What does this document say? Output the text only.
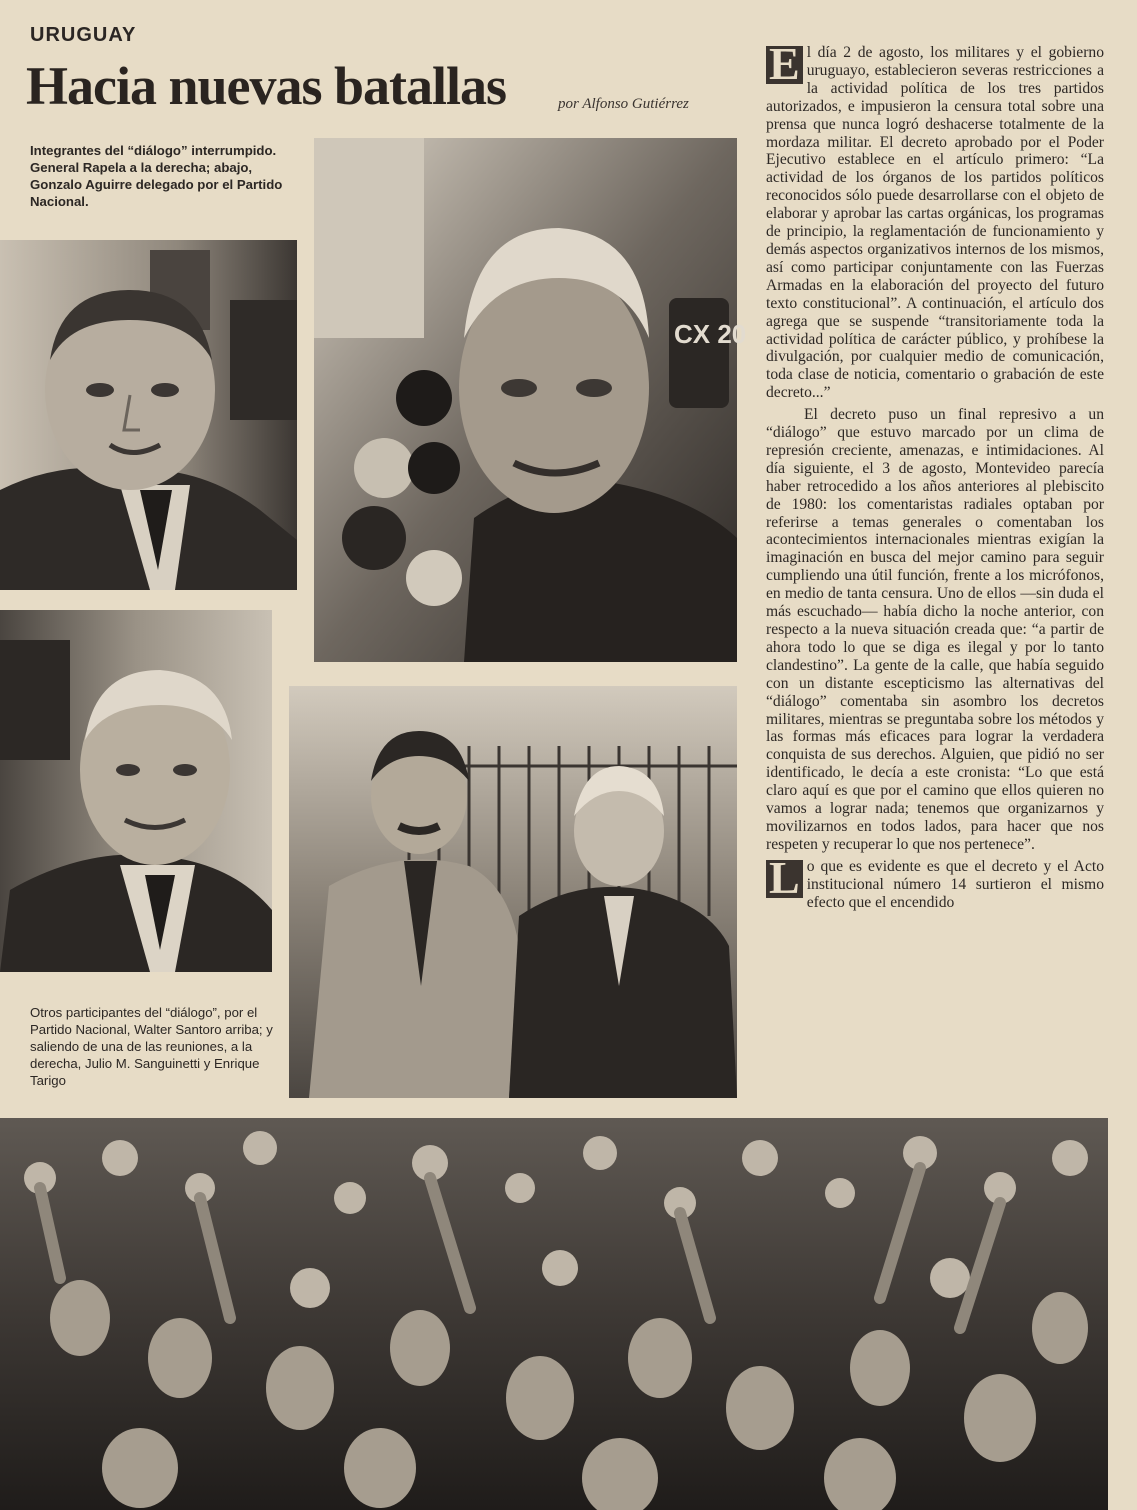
URUGUAY
Hacia nuevas batallas	por Alfonso Gutiérrez
Integrantes del “diálogo” interrumpido. General Rapela a la derecha; abajo, Gonzalo Aguirre delegado por el Partido Nacional.
CX 20
Otros participantes del “diálogo”, por el Partido Nacional, Walter Santoro arriba; y saliendo de una de las reuniones, a la derecha, Julio M. Sanguinetti y Enrique Tarigo

E l día 2 de agosto, los militares y el gobierno uruguayo, establecieron severas restricciones a la actividad política de los tres partidos autorizados, e impusieron la censura total sobre una prensa que nunca logró deshacerse totalmente de la mordaza militar. El decreto aprobado por el Poder Ejecutivo establece en el artículo primero: “La actividad de los órganos de los partidos políticos reconocidos sólo puede desarrollarse con el objeto de elaborar y aprobar las cartas orgánicas, los programas de principio, la reglamentación de funcionamiento y demás aspectos organizativos internos de los mismos, así como participar conjuntamente con las Fuerzas Armadas en la elaboración del proyecto del futuro texto constitucional”. A continuación, el artículo dos agrega que se suspende “transitoriamente toda la actividad política de carácter público, y prohíbese la divulgación, por cualquier medio de comunicación, toda clase de noticia, comentario o grabación de este decreto...”

El decreto puso un final represivo a un “diálogo” que estuvo marcado por un clima de represión creciente, amenazas, e intimidaciones. Al día siguiente, el 3 de agosto, Montevideo parecía haber retrocedido a los años anteriores al plebiscito de 1980: los comentaristas radiales optaban por referirse a temas generales o comentaban los acontecimientos internacionales mientras exigían la imaginación en busca del mejor camino para seguir cumpliendo una útil función, frente a los micrófonos, en medio de tanta censura. Uno de ellos —sin duda el más escuchado— había dicho la noche anterior, con respecto a la nueva situación creada que: “a partir de ahora todo lo que se diga es ilegal y por lo tanto clandestino”. La gente de la calle, que había seguido con un distante escepticismo las alternativas del “diálogo” comentaba sin asombro los decretos militares, mientras se preguntaba sobre los métodos y las formas más eficaces para lograr la verdadera conquista de sus derechos. Alguien, que pidió no ser identificado, le decía a este cronista: “Lo que está claro aquí es que por el camino que ellos quieren no vamos a lograr nada; tenemos que organizarnos y movilizarnos en todos lados, para hacer que nos respeten y recuperar lo que nos pertenece”.

L o que es evidente es que el decreto y el Acto institucional número 14 surtieron el mismo efecto que el encendido
